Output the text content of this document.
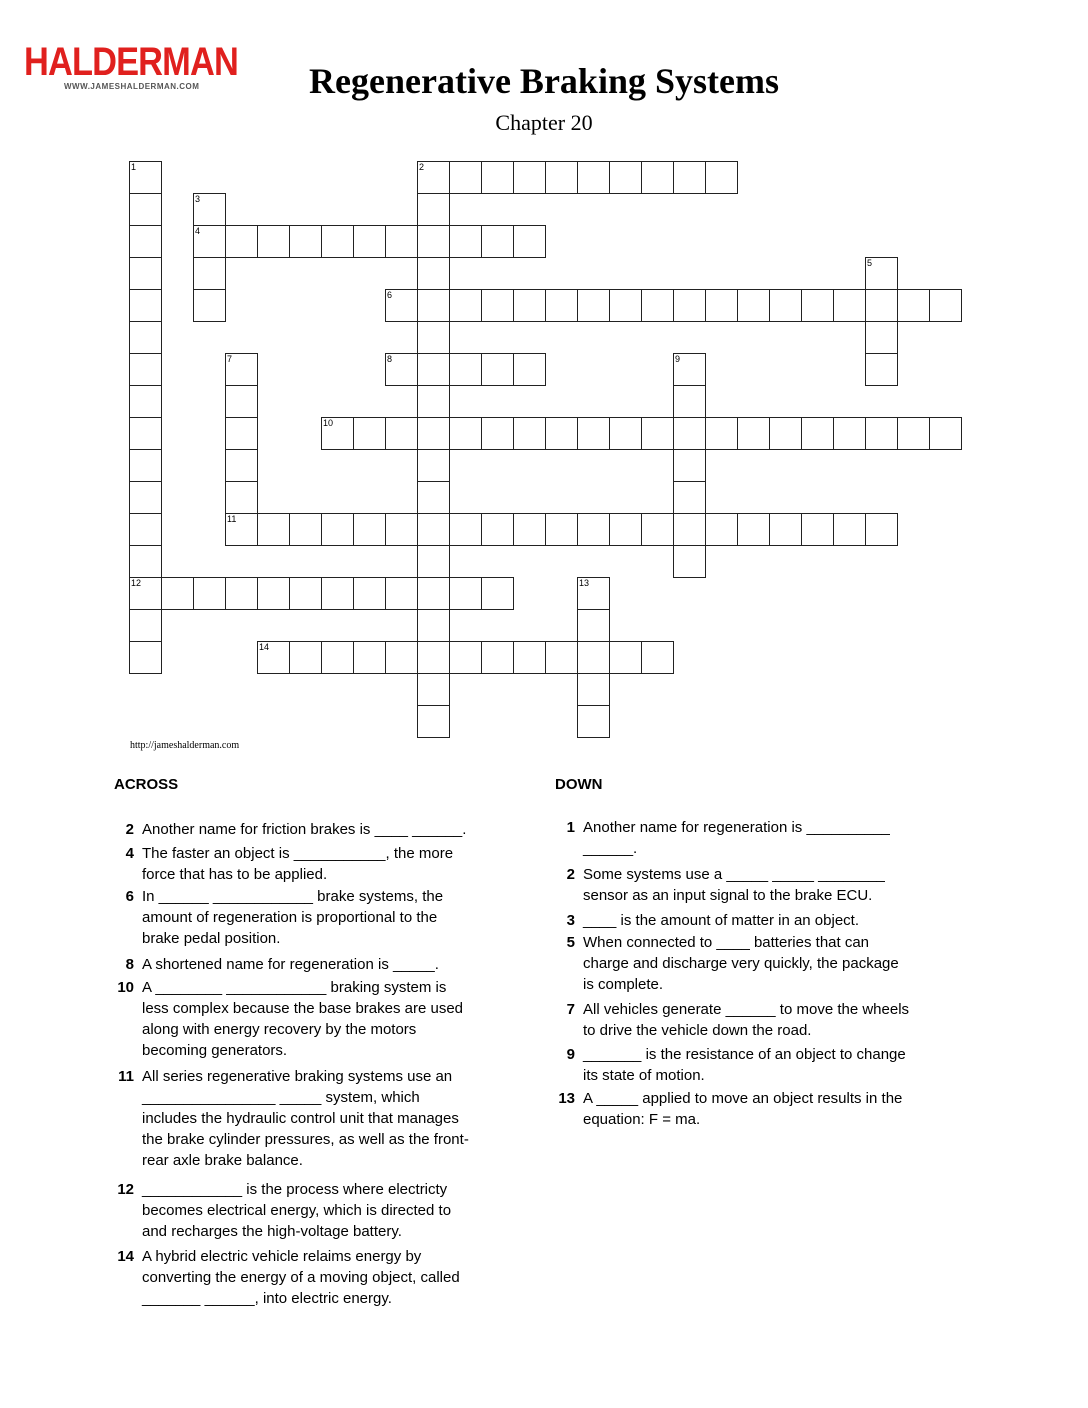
HALDERMAN
WWW.JAMESHALDERMAN.COM	Regenerative Braking Systems
Chapter 20
1
12
2
3
4
5
6
7
11
8	9
10
13
14
http://jameshalderman.com
ACROSS	DOWN
2 Another name for friction brakes is ____ ______.
4 The faster an object is ___________, the more
force that has to be applied.
6 In ______ ____________ brake systems, the
amount of regeneration is proportional to the
brake pedal position.
8 A shortened name for regeneration is _____.
10 A ________ ____________ braking system is
less complex because the base brakes are used
along with energy recovery by the motors
becoming generators.
11 All series regenerative braking systems use an
________________ _____ system, which
includes the hydraulic control unit that manages
the brake cylinder pressures, as well as the front-
rear axle brake balance.
12 ____________ is the process where electricty
becomes electrical energy, which is directed to
and recharges the high-voltage battery.
14 A hybrid electric vehicle relaims energy by
converting the energy of a moving object, called
_______ ______, into electric energy.
1 Another name for regeneration is __________
______.
2 Some systems use a _____ _____ ________
sensor as an input signal to the brake ECU.
3 ____ is the amount of matter in an object.
5 When connected to ____ batteries that can
charge and discharge very quickly, the package
is complete.
7 All vehicles generate ______ to move the wheels
to drive the vehicle down the road.
9 _______ is the resistance of an object to change
its state of motion.
13 A _____ applied to move an object results in the
equation: F = ma.
